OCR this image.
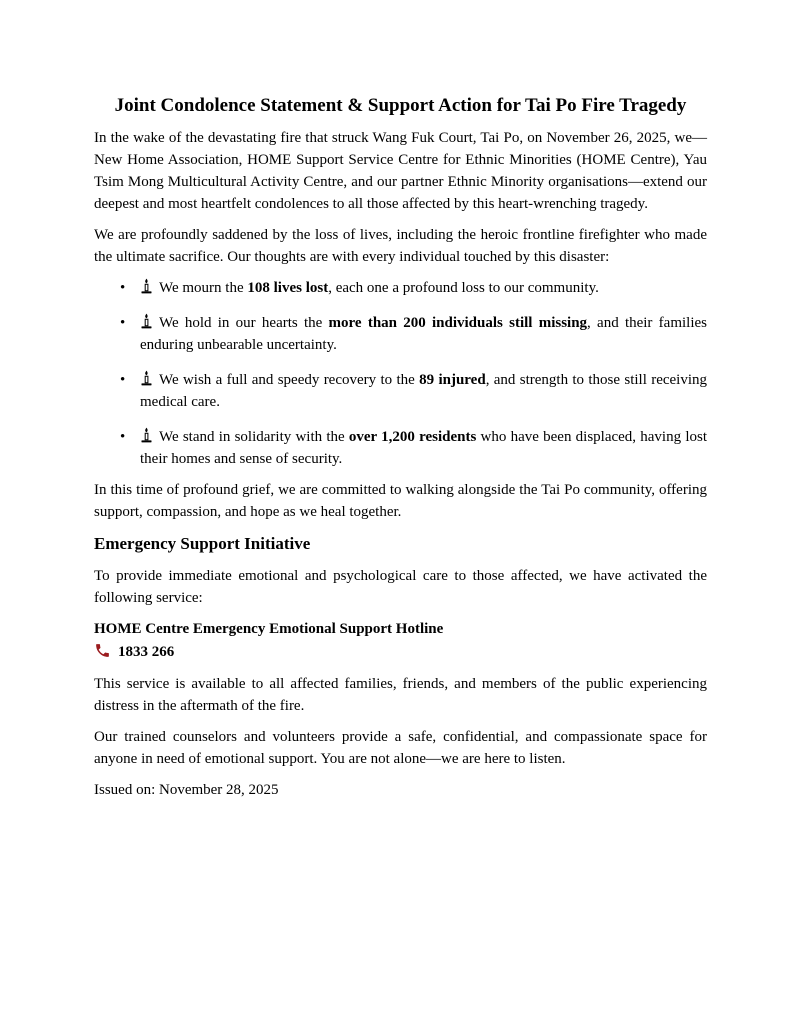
Joint Condolence Statement & Support Action for Tai Po Fire Tragedy

In the wake of the devastating fire that struck Wang Fuk Court, Tai Po, on November 26, 2025, we—New Home Association, HOME Support Service Centre for Ethnic Minorities (HOME Centre), Yau Tsim Mong Multicultural Activity Centre, and our partner Ethnic Minority organisations—extend our deepest and most heartfelt condolences to all those affected by this heart-wrenching tragedy.

We are profoundly saddened by the loss of lives, including the heroic frontline firefighter who made the ultimate sacrifice. Our thoughts are with every individual touched by this disaster:

• We mourn the 108 lives lost, each one a profound loss to our community.
• We hold in our hearts the more than 200 individuals still missing, and their families enduring unbearable uncertainty.
• We wish a full and speedy recovery to the 89 injured, and strength to those still receiving medical care.
• We stand in solidarity with the over 1,200 residents who have been displaced, having lost their homes and sense of security.

In this time of profound grief, we are committed to walking alongside the Tai Po community, offering support, compassion, and hope as we heal together.

Emergency Support Initiative

To provide immediate emotional and psychological care to those affected, we have activated the following service:

HOME Centre Emergency Emotional Support Hotline
1833 266

This service is available to all affected families, friends, and members of the public experiencing distress in the aftermath of the fire.

Our trained counselors and volunteers provide a safe, confidential, and compassionate space for anyone in need of emotional support. You are not alone—we are here to listen.

Issued on: November 28, 2025
